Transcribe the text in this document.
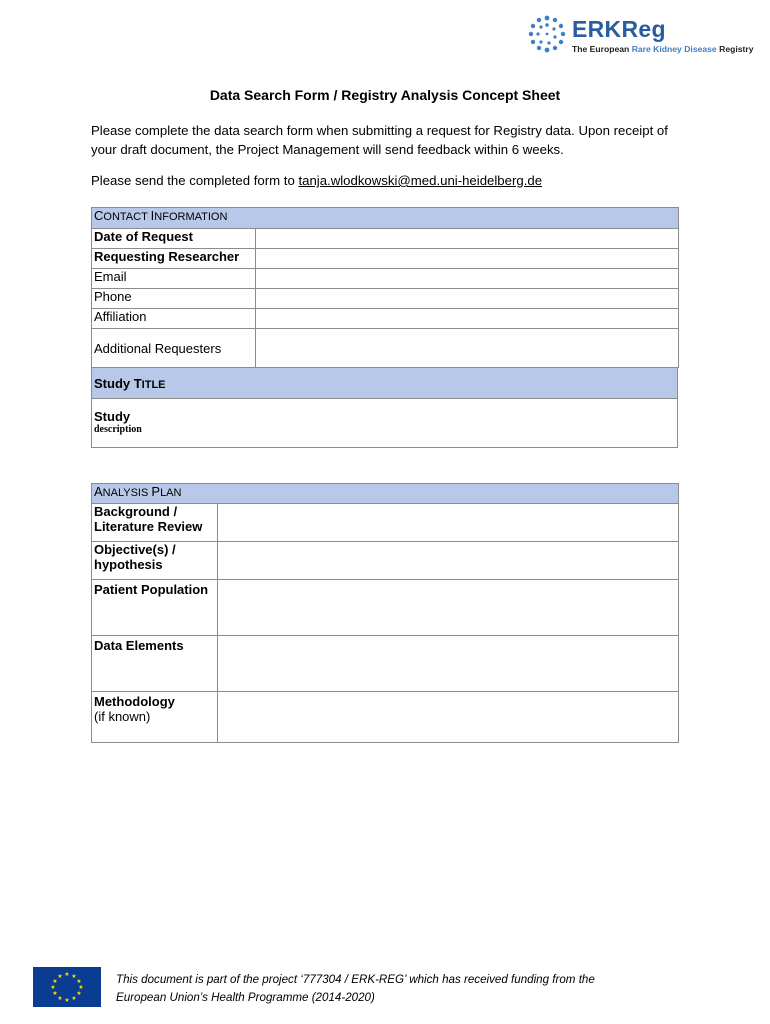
ERKReg
The European Rare Kidney Disease Registry
Data Search Form / Registry Analysis Concept Sheet
Please complete the data search form when submitting a request for Registry data. Upon receipt of your draft document, the Project Management will send feedback within 6 weeks.
Please send the completed form to tanja.wlodkowski@med.uni-heidelberg.de
CONTACT INFORMATION	
Date of Request	
Requesting Researcher	
Email	
Phone	
Affiliation	
Additional Requesters	
Study TITLE

Study
description
ANALYSIS PLAN	

Background /
Literature Review	

Objective(s) /
hypothesis	

Patient Population	

Data Elements	

Methodology
(if known)	

★ ★
★
★
★
★
★
★
★
★
★
★	This document is part of the project ‘777304 / ERK-REG’ which has received funding from the
European Union’s Health Programme (2014-2020)
